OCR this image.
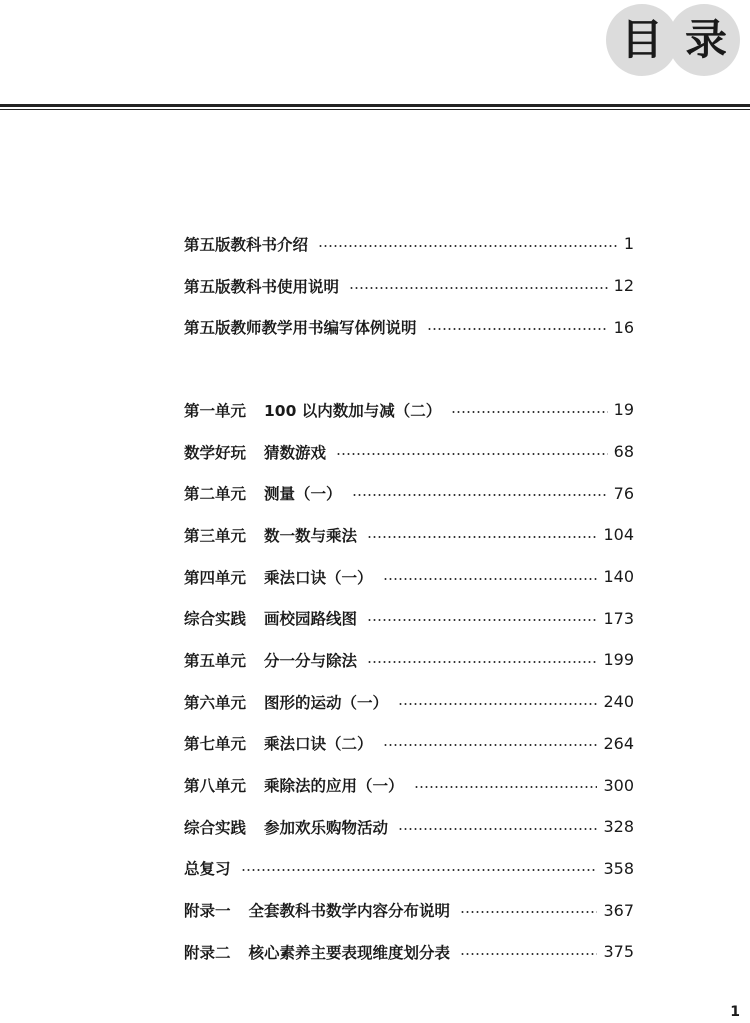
目 录
第五版教科书介绍	1
第五版教科书使用说明	12
第五版教师教学用书编写体例说明	16
第一单元 100 以内数加与减（二）	19
数学好玩 猜数游戏	68
第二单元 测量（一）	76
第三单元 数一数与乘法	104
第四单元 乘法口诀（一）	140
综合实践 画校园路线图	173
第五单元 分一分与除法	199
第六单元 图形的运动（一）	240
第七单元 乘法口诀（二）	264
第八单元 乘除法的应用（一）	300
综合实践 参加欢乐购物活动	328
总复习	358
附录一 全套教科书数学内容分布说明	367
附录二 核心素养主要表现维度划分表	375
1
